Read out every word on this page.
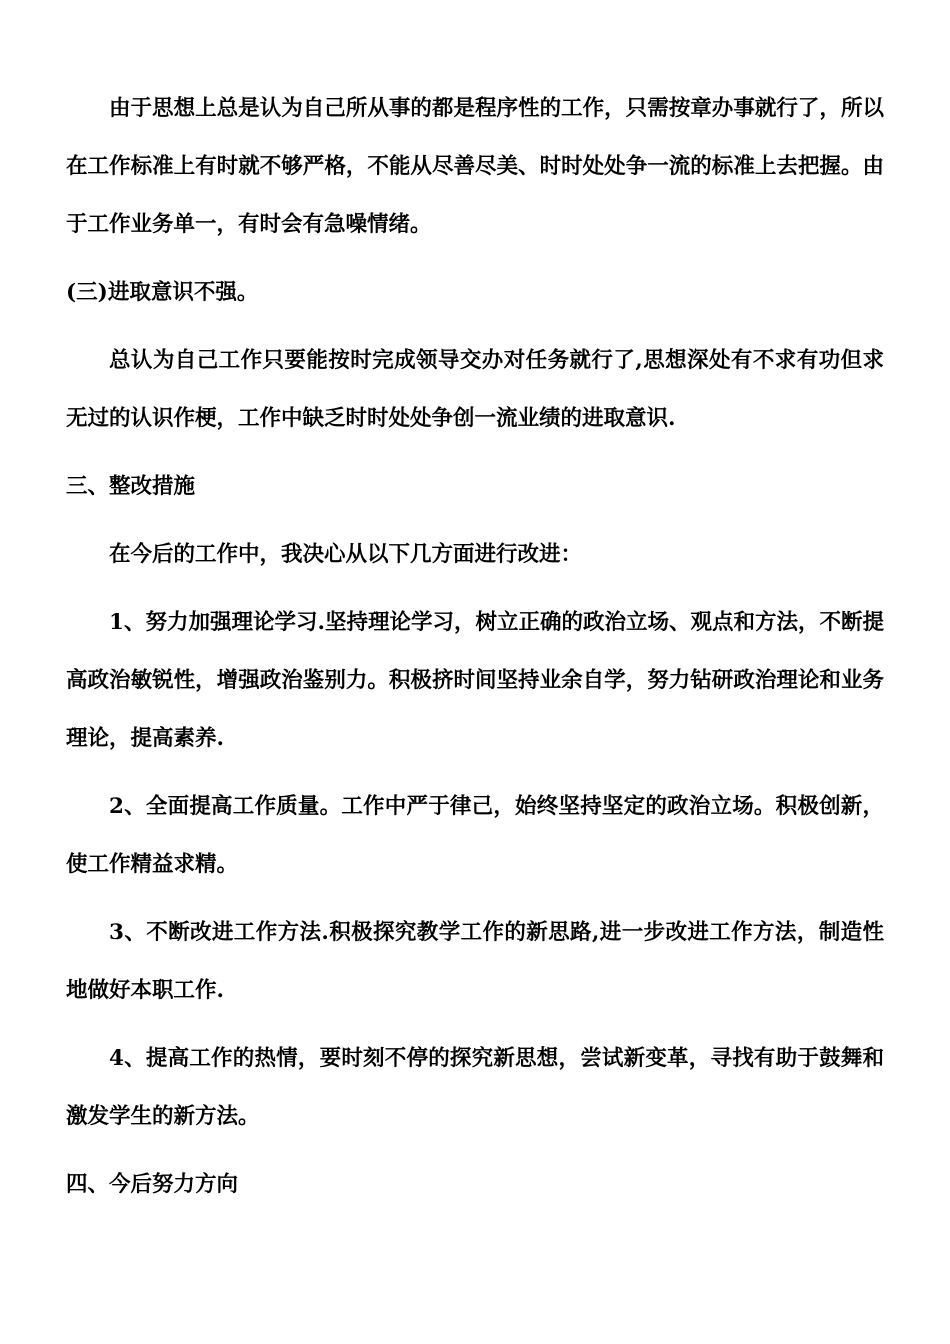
由于思想上总是认为自己所从事的都是程序性的工作，只需按章办事就行了，所以在工作标准上有时就不够严格，不能从尽善尽美、时时处处争一流的标准上去把握。由于工作业务单一，有时会有急噪情绪。

(三)进取意识不强。

总认为自己工作只要能按时完成领导交办对任务就行了,思想深处有不求有功但求无过的认识作梗，工作中缺乏时时处处争创一流业绩的进取意识.

三、整改措施

在今后的工作中，我决心从以下几方面进行改进：

1、努力加强理论学习.坚持理论学习，树立正确的政治立场、观点和方法，不断提高政治敏锐性，增强政治鉴别力。积极挤时间坚持业余自学，努力钻研政治理论和业务理论，提高素养.

2、全面提高工作质量。工作中严于律己，始终坚持坚定的政治立场。积极创新，使工作精益求精。

3、不断改进工作方法.积极探究教学工作的新思路,进一步改进工作方法，制造性地做好本职工作.

4、提高工作的热情，要时刻不停的探究新思想，尝试新变革，寻找有助于鼓舞和激发学生的新方法。

四、今后努力方向
